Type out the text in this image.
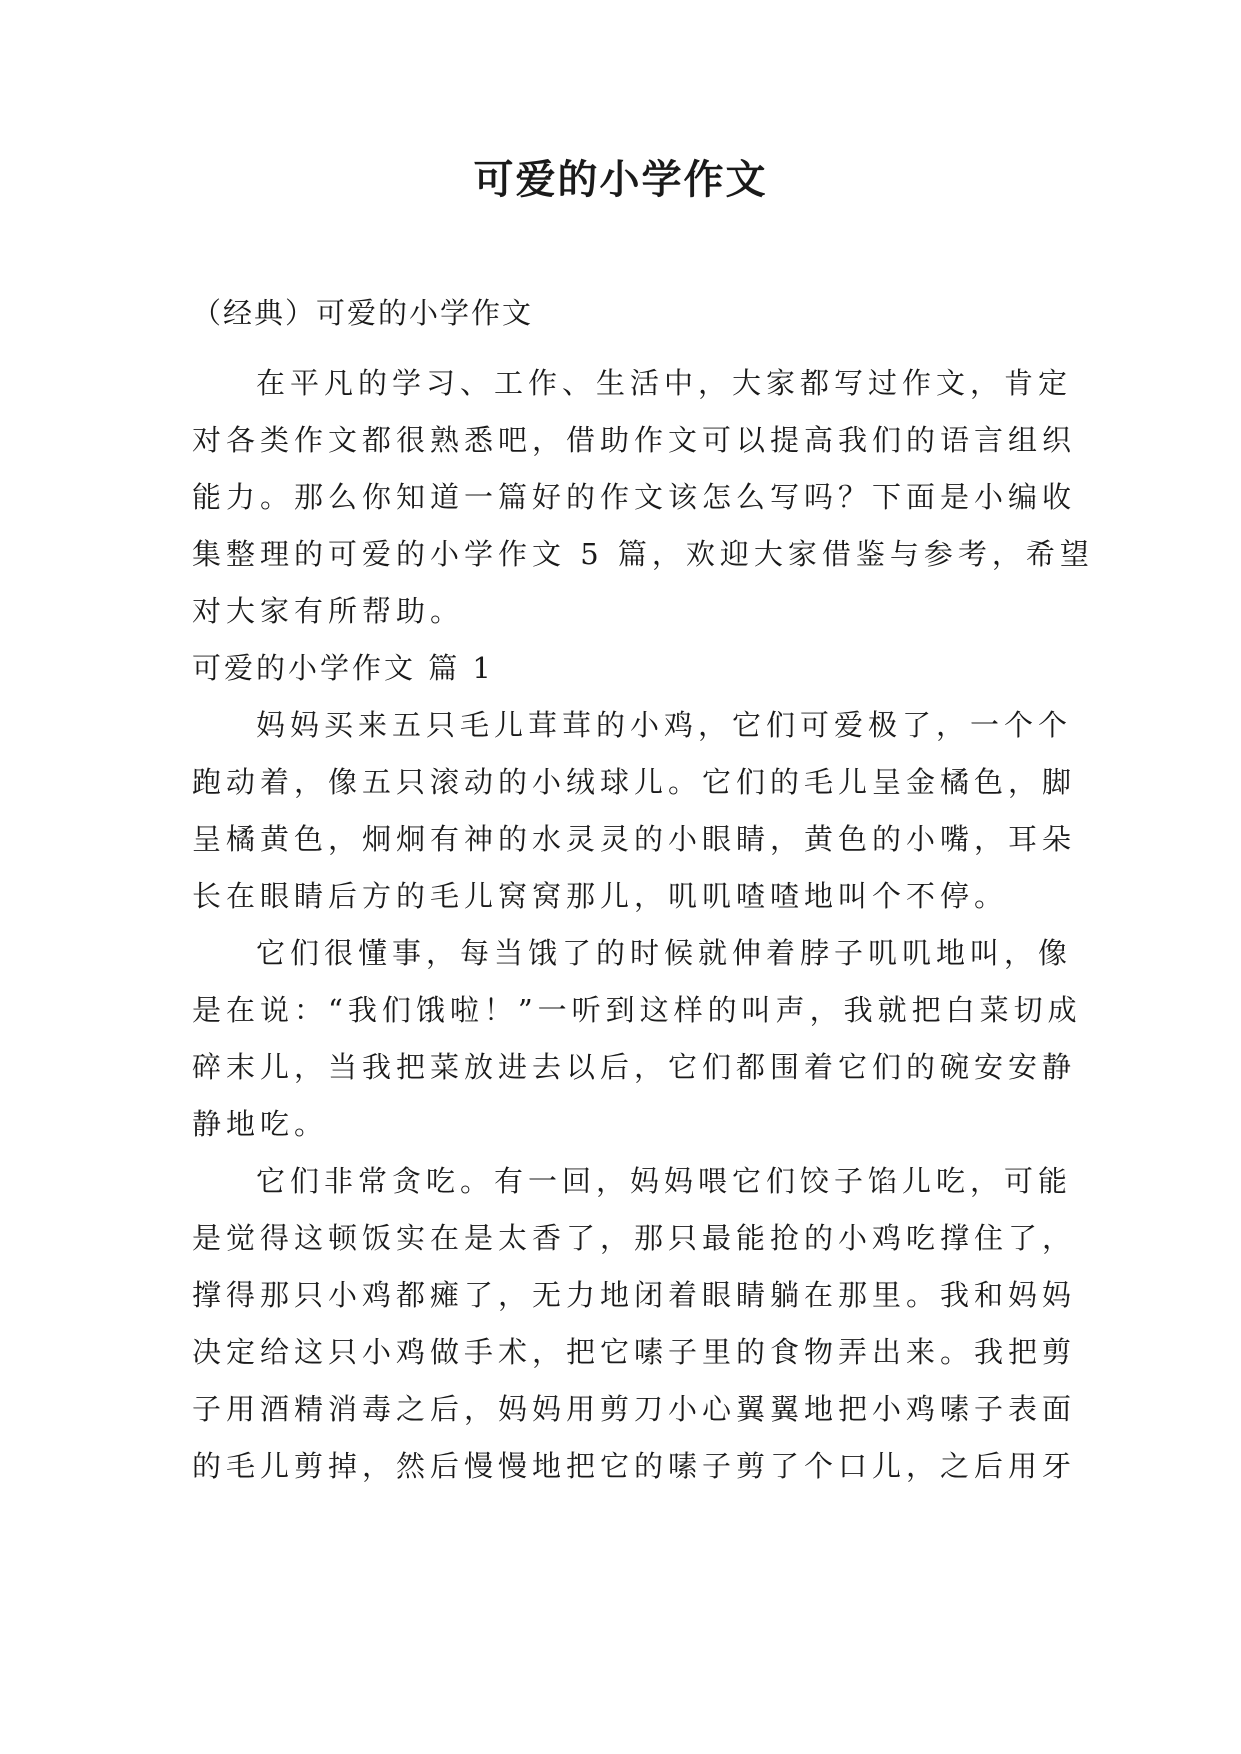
可爱的小学作文

（经典）可爱的小学作文

在平凡的学习、工作、生活中，大家都写过作文，肯定

对各类作文都很熟悉吧，借助作文可以提高我们的语言组织

能力。那么你知道一篇好的作文该怎么写吗？下面是小编收

集整理的可爱的小学作文 5 篇，欢迎大家借鉴与参考，希望

对大家有所帮助。

可爱的小学作文 篇 1

妈妈买来五只毛儿茸茸的小鸡，它们可爱极了，一个个

跑动着，像五只滚动的小绒球儿。它们的毛儿呈金橘色，脚

呈橘黄色，炯炯有神的水灵灵的小眼睛，黄色的小嘴，耳朵

长在眼睛后方的毛儿窝窝那儿，叽叽喳喳地叫个不停。

它们很懂事，每当饿了的时候就伸着脖子叽叽地叫，像

是在说：“我们饿啦！”一听到这样的叫声，我就把白菜切成

碎末儿，当我把菜放进去以后，它们都围着它们的碗安安静

静地吃。

它们非常贪吃。有一回，妈妈喂它们饺子馅儿吃，可能

是觉得这顿饭实在是太香了，那只最能抢的小鸡吃撑住了，

撑得那只小鸡都瘫了，无力地闭着眼睛躺在那里。我和妈妈

决定给这只小鸡做手术，把它嗉子里的食物弄出来。我把剪

子用酒精消毒之后，妈妈用剪刀小心翼翼地把小鸡嗉子表面

的毛儿剪掉，然后慢慢地把它的嗉子剪了个口儿，之后用牙
